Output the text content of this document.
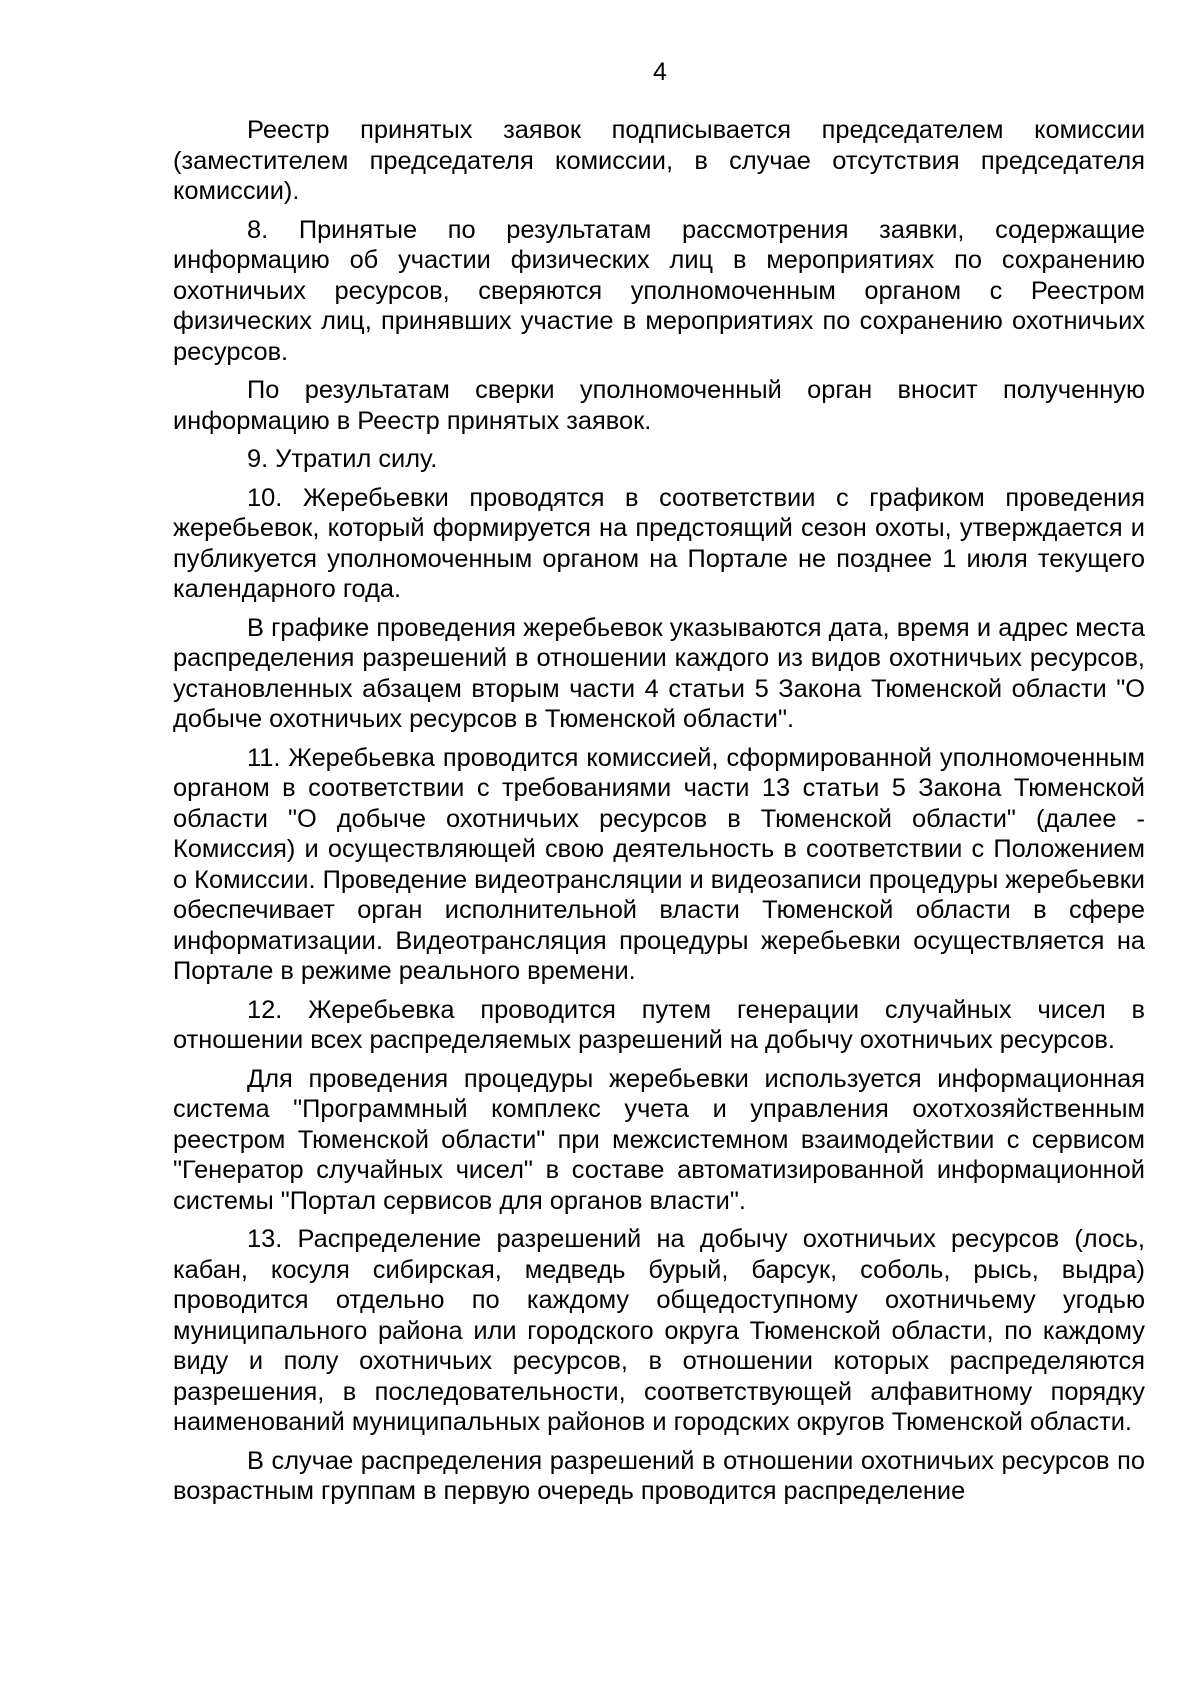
4

Реестр принятых заявок подписывается председателем комиссии (заместителем председателя комиссии, в случае отсутствия председателя комиссии).

8. Принятые по результатам рассмотрения заявки, содержащие информацию об участии физических лиц в мероприятиях по сохранению охотничьих ресурсов, сверяются уполномоченным органом с Реестром физических лиц, принявших участие в мероприятиях по сохранению охотничьих ресурсов.

По результатам сверки уполномоченный орган вносит полученную информацию в Реестр принятых заявок.

9. Утратил силу.

10. Жеребьевки проводятся в соответствии с графиком проведения жеребьевок, который формируется на предстоящий сезон охоты, утверждается и публикуется уполномоченным органом на Портале не позднее 1 июля текущего календарного года.

В графике проведения жеребьевок указываются дата, время и адрес места распределения разрешений в отношении каждого из видов охотничьих ресурсов, установленных абзацем вторым части 4 статьи 5 Закона Тюменской области "О добыче охотничьих ресурсов в Тюменской области".

11. Жеребьевка проводится комиссией, сформированной уполномоченным органом в соответствии с требованиями части 13 статьи 5 Закона Тюменской области "О добыче охотничьих ресурсов в Тюменской области" (далее - Комиссия) и осуществляющей свою деятельность в соответствии с Положением о Комиссии. Проведение видеотрансляции и видеозаписи процедуры жеребьевки обеспечивает орган исполнительной власти Тюменской области в сфере информатизации. Видеотрансляция процедуры жеребьевки осуществляется на Портале в режиме реального времени.

12. Жеребьевка проводится путем генерации случайных чисел в отношении всех распределяемых разрешений на добычу охотничьих ресурсов.

Для проведения процедуры жеребьевки используется информационная система "Программный комплекс учета и управления охотхозяйственным реестром Тюменской области" при межсистемном взаимодействии с сервисом "Генератор случайных чисел" в составе автоматизированной информационной системы "Портал сервисов для органов власти".

13. Распределение разрешений на добычу охотничьих ресурсов (лось, кабан, косуля сибирская, медведь бурый, барсук, соболь, рысь, выдра) проводится отдельно по каждому общедоступному охотничьему угодью муниципального района или городского округа Тюменской области, по каждому виду и полу охотничьих ресурсов, в отношении которых распределяются разрешения, в последовательности, соответствующей алфавитному порядку наименований муниципальных районов и городских округов Тюменской области.

В случае распределения разрешений в отношении охотничьих ресурсов по возрастным группам в первую очередь проводится распределение
